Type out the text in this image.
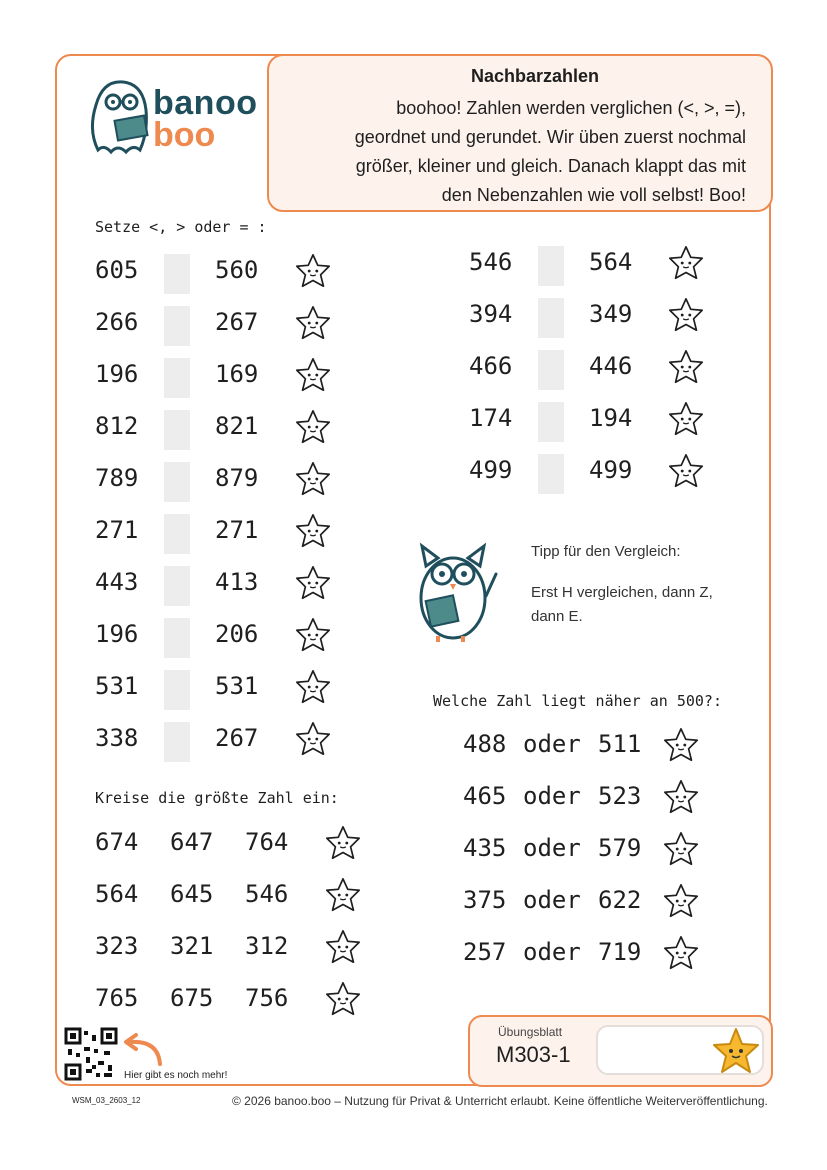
Nachbarzahlen
boohoo! Zahlen werden verglichen (<, >, =),
geordnet und gerundet. Wir üben zuerst nochmal
größer, kleiner und gleich. Danach klappt das mit
den Nebenzahlen wie voll selbst! Boo!
banoo
boo
Setze <, > oder = :
605	560
266	267
196	169
812	821
789	879
271	271
443	413
196	206
531	531
338	267
546	564
394	349
466	446
174	194
499	499
Tipp für den Vergleich:
Erst H vergleichen, dann Z,
dann E.
Kreise die größte Zahl ein:
674 647 764
564 645 546
323 321 312
765 675 756
Welche Zahl liegt näher an 500?:
488 oder 511
465 oder 523
435 oder 579
375 oder 622
257 oder 719
Hier gibt es noch mehr!
Übungsblatt
M303-1
WSM_03_2603_12	© 2026 banoo.boo – Nutzung für Privat & Unterricht erlaubt. Keine öffentliche Weiterveröffentlichung.
